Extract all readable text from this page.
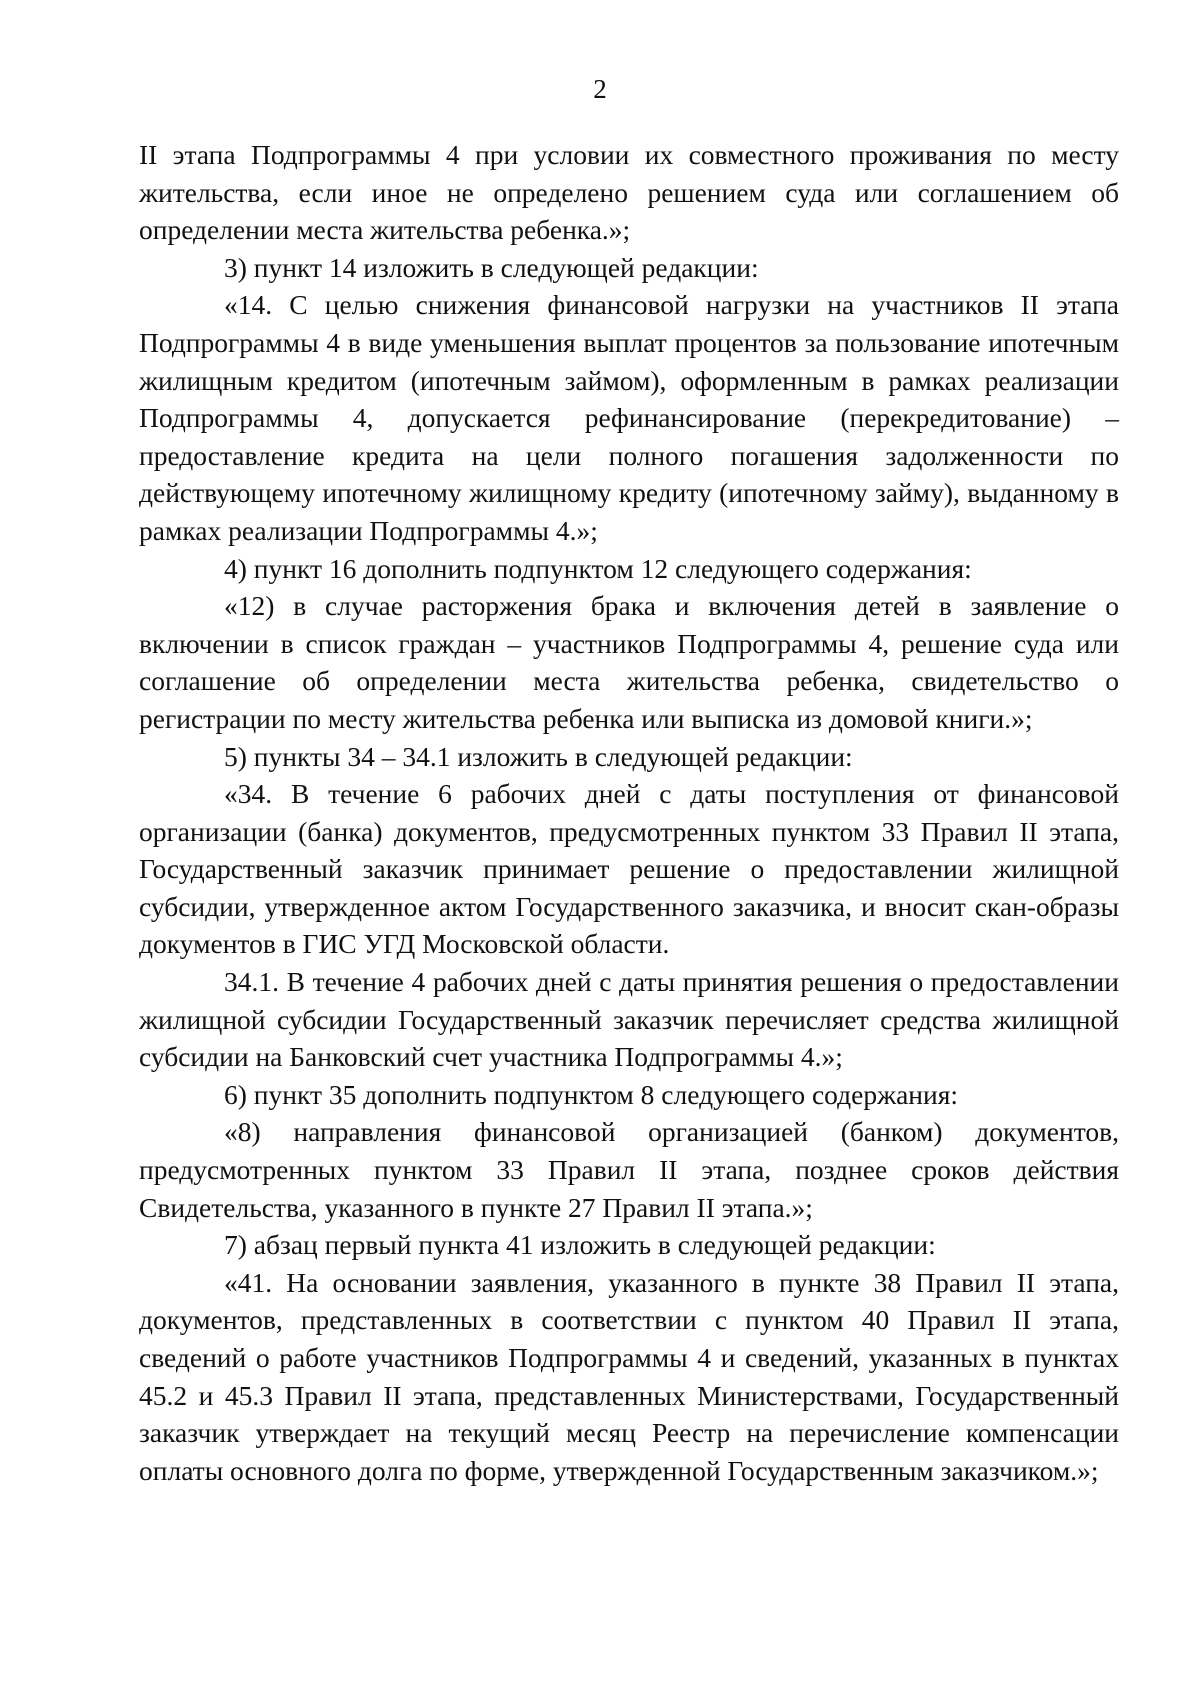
2

II этапа Подпрограммы 4 при условии их совместного проживания по месту жительства, если иное не определено решением суда или соглашением об определении места жительства ребенка.»;

3) пункт 14 изложить в следующей редакции:

«14. С целью снижения финансовой нагрузки на участников II этапа Подпрограммы 4 в виде уменьшения выплат процентов за пользование ипотечным жилищным кредитом (ипотечным займом), оформленным в рамках реализации Подпрограммы 4, допускается рефинансирование (перекредитование) – предоставление кредита на цели полного погашения задолженности по действующему ипотечному жилищному кредиту (ипотечному займу), выданному в рамках реализации Подпрограммы 4.»;

4) пункт 16 дополнить подпунктом 12 следующего содержания:

«12) в случае расторжения брака и включения детей в заявление о включении в список граждан – участников Подпрограммы 4, решение суда или соглашение об определении места жительства ребенка, свидетельство о регистрации по месту жительства ребенка или выписка из домовой книги.»;

5) пункты 34 – 34.1 изложить в следующей редакции:

«34. В течение 6 рабочих дней с даты поступления от финансовой организации (банка) документов, предусмотренных пунктом 33 Правил II этапа, Государственный заказчик принимает решение о предоставлении жилищной субсидии, утвержденное актом Государственного заказчика, и вносит скан-образы документов в ГИС УГД Московской области.

34.1. В течение 4 рабочих дней с даты принятия решения о предоставлении жилищной субсидии Государственный заказчик перечисляет средства жилищной субсидии на Банковский счет участника Подпрограммы 4.»;

6) пункт 35 дополнить подпунктом 8 следующего содержания:

«8) направления финансовой организацией (банком) документов, предусмотренных пунктом 33 Правил II этапа, позднее сроков действия Свидетельства, указанного в пункте 27 Правил II этапа.»;

7) абзац первый пункта 41 изложить в следующей редакции:

«41. На основании заявления, указанного в пункте 38 Правил II этапа, документов, представленных в соответствии с пунктом 40 Правил II этапа, сведений о работе участников Подпрограммы 4 и сведений, указанных в пунктах 45.2 и 45.3 Правил II этапа, представленных Министерствами, Государственный заказчик утверждает на текущий месяц Реестр на перечисление компенсации оплаты основного долга по форме, утвержденной Государственным заказчиком.»;
